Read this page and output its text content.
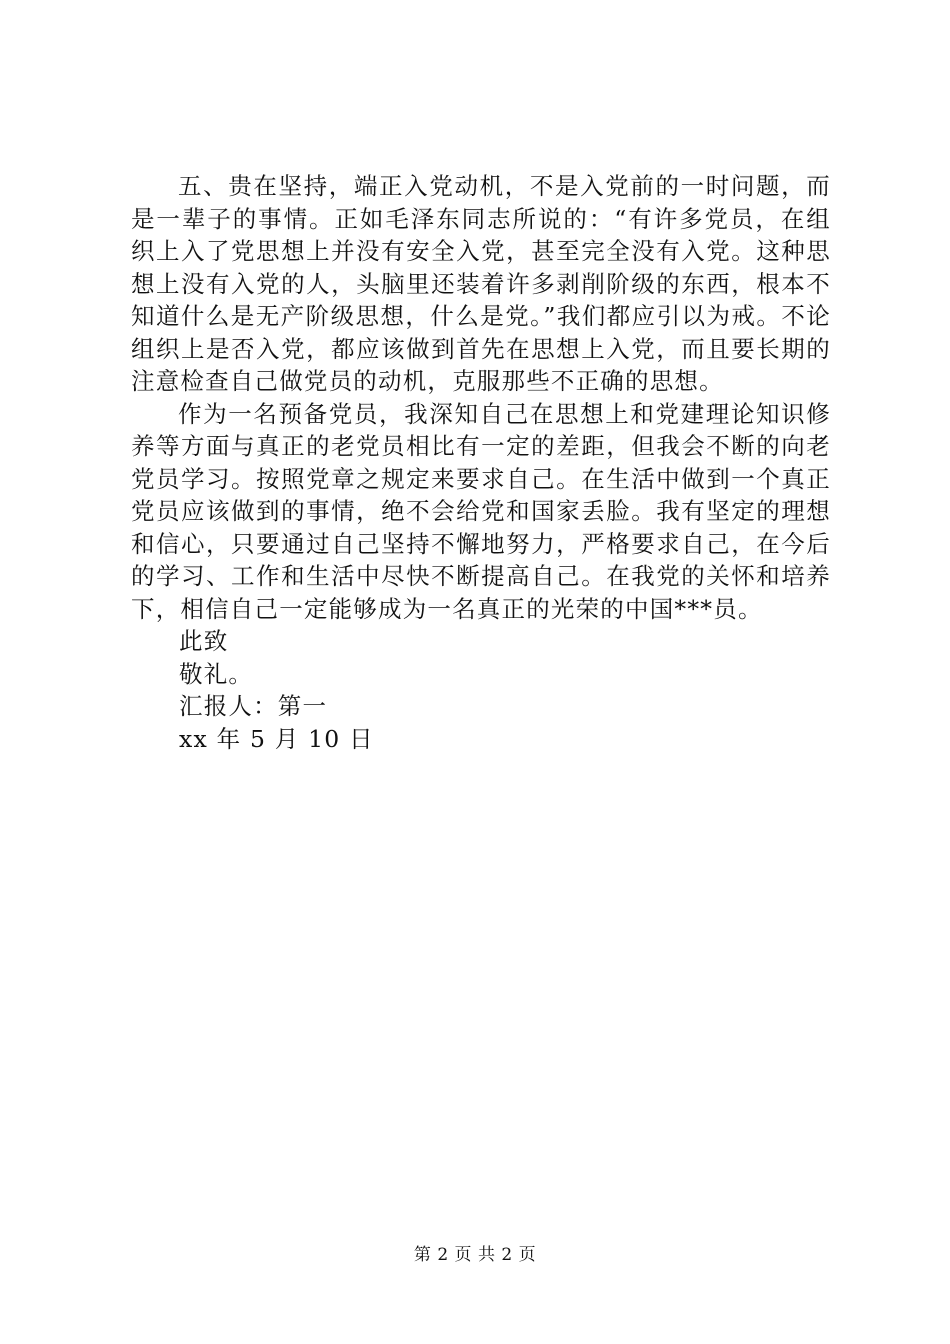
五、贵在坚持，端正入党动机，不是入党前的一时问题，而是一辈子的事情。正如毛泽东同志所说的：“有许多党员，在组织上入了党思想上并没有安全入党，甚至完全没有入党。这种思想上没有入党的人，头脑里还装着许多剥削阶级的东西，根本不知道什么是无产阶级思想，什么是党。”我们都应引以为戒。不论组织上是否入党，都应该做到首先在思想上入党，而且要长期的注意检查自己做党员的动机，克服那些不正确的思想。

作为一名预备党员，我深知自己在思想上和党建理论知识修养等方面与真正的老党员相比有一定的差距，但我会不断的向老党员学习。按照党章之规定来要求自己。在生活中做到一个真正党员应该做到的事情，绝不会给党和国家丢脸。我有坚定的理想和信心，只要通过自己坚持不懈地努力，严格要求自己，在今后的学习、工作和生活中尽快不断提高自己。在我党的关怀和培养下，相信自己一定能够成为一名真正的光荣的中国***员。

此致

敬礼。

汇报人：第一

xx 年 5 月 10 日

第 2 页 共 2 页
